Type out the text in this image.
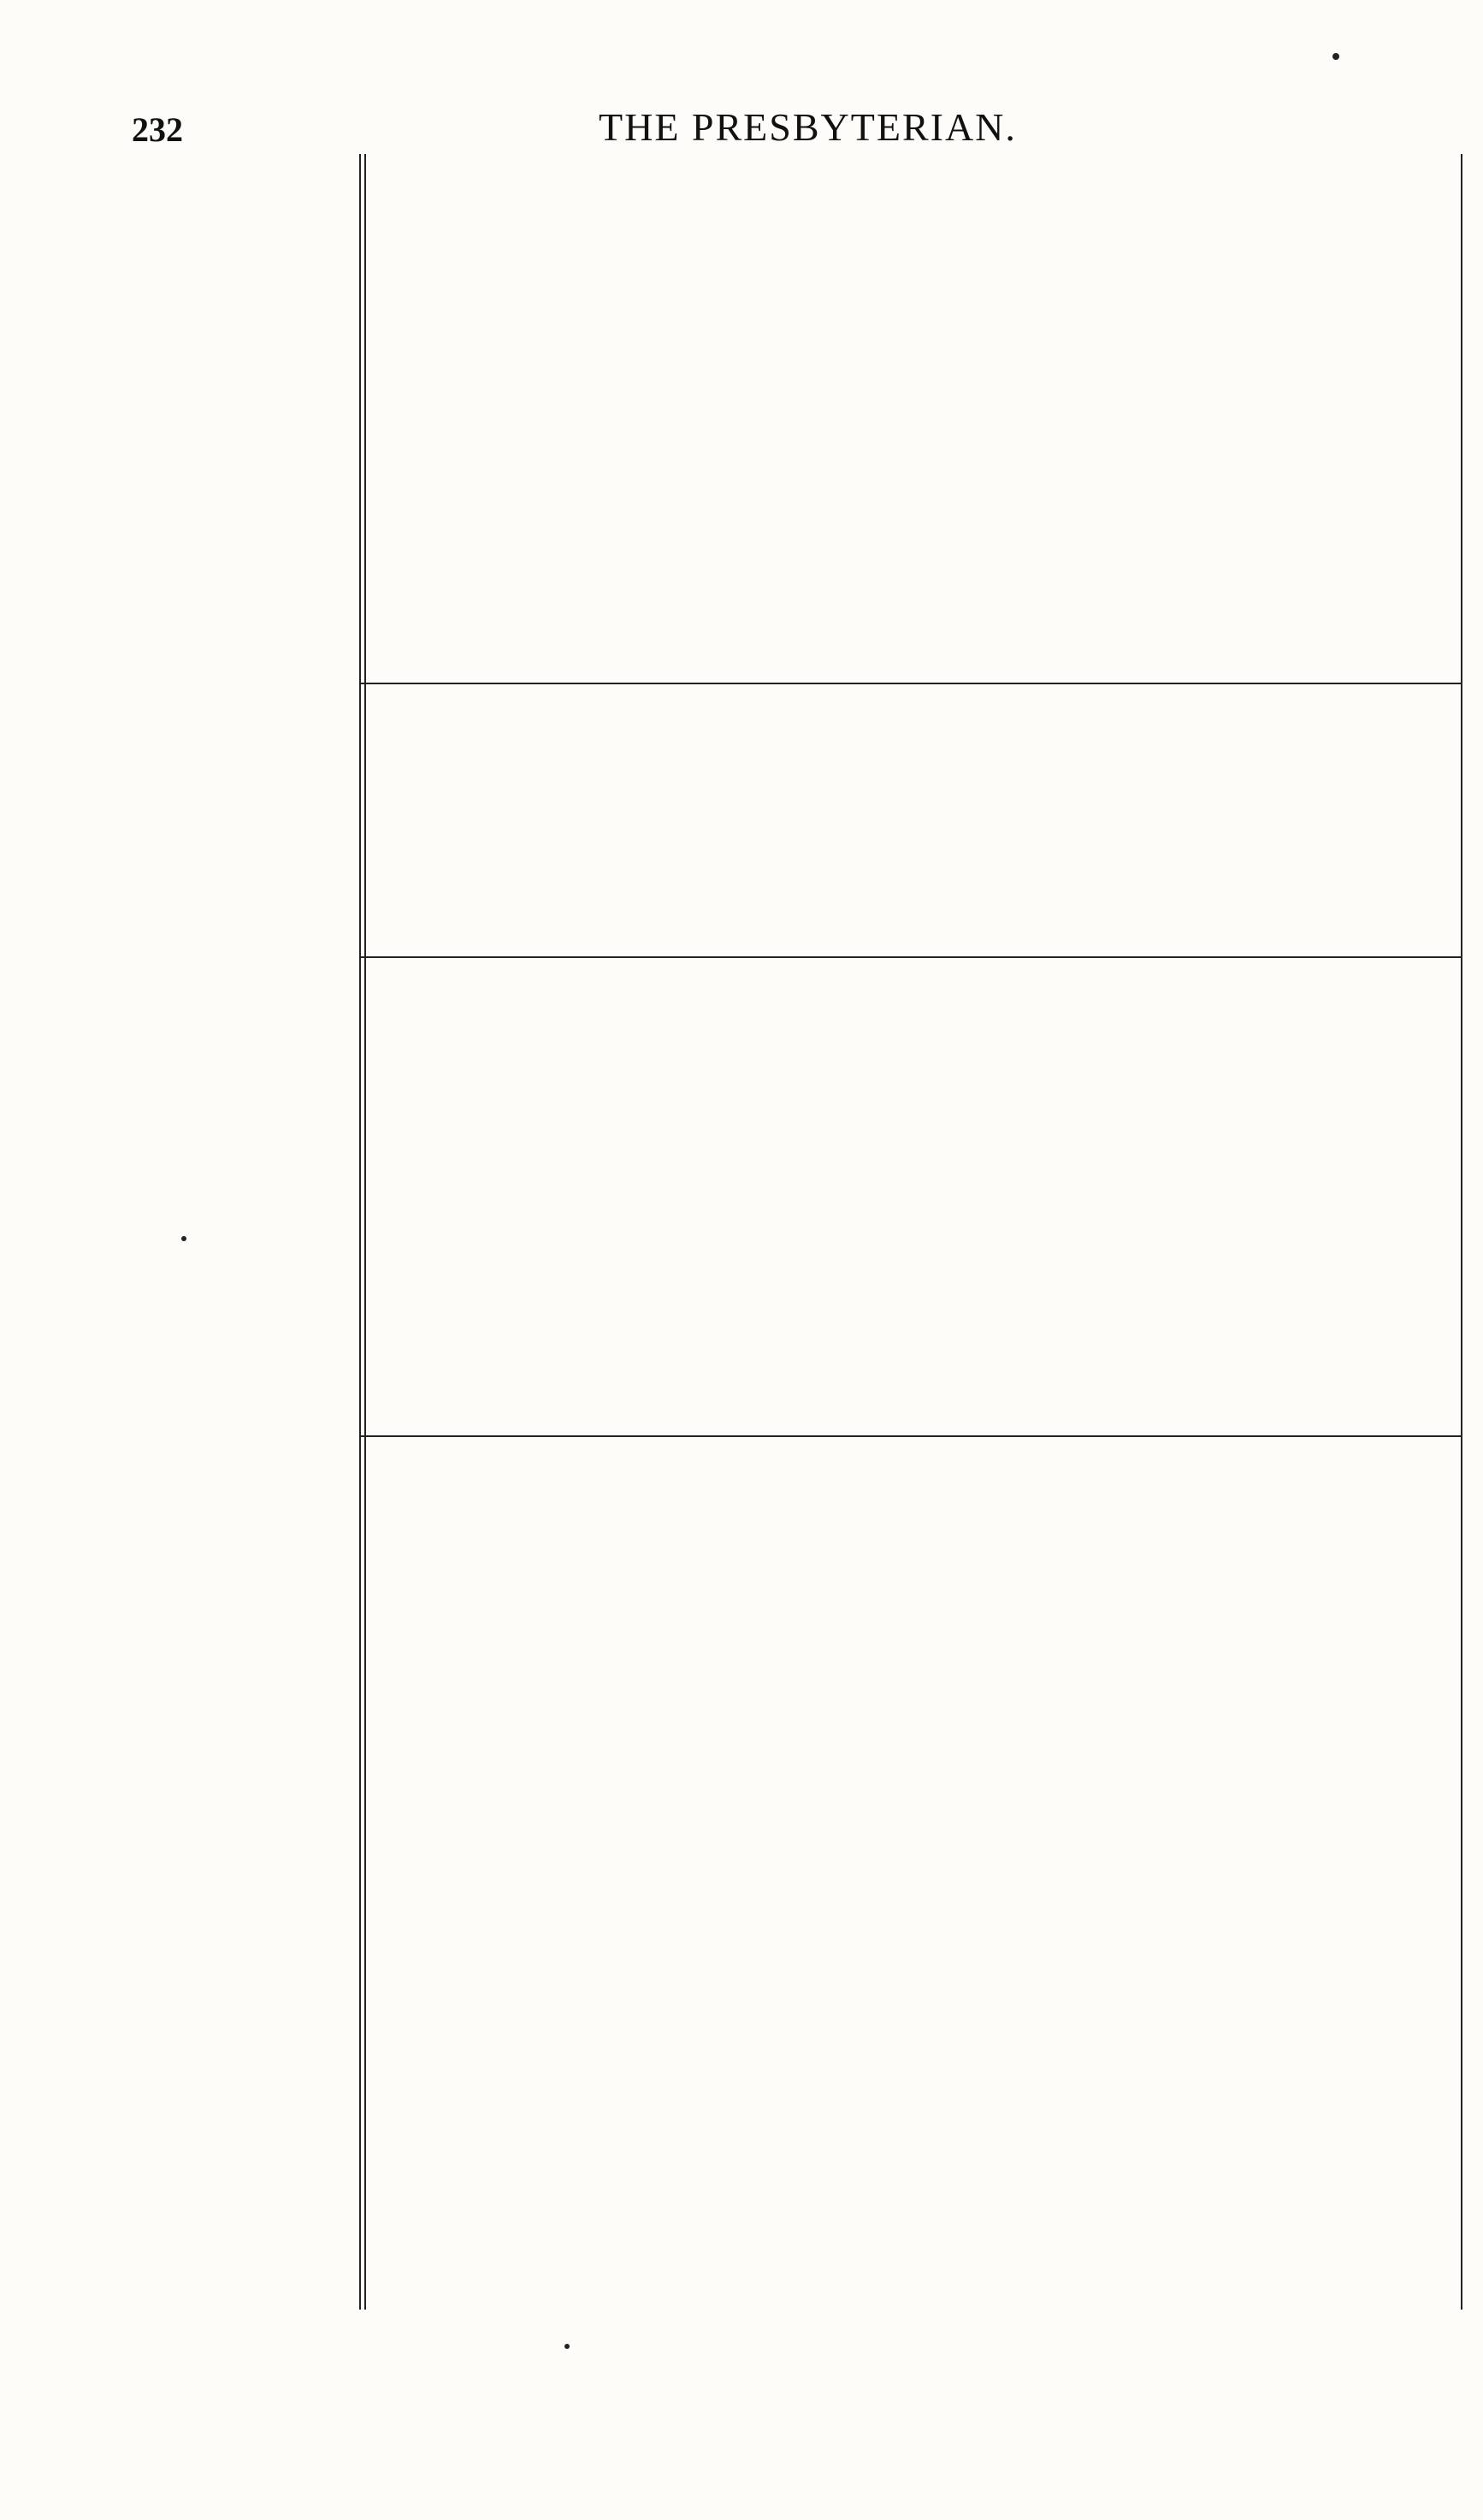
232	THE PRESBYTERIAN.
